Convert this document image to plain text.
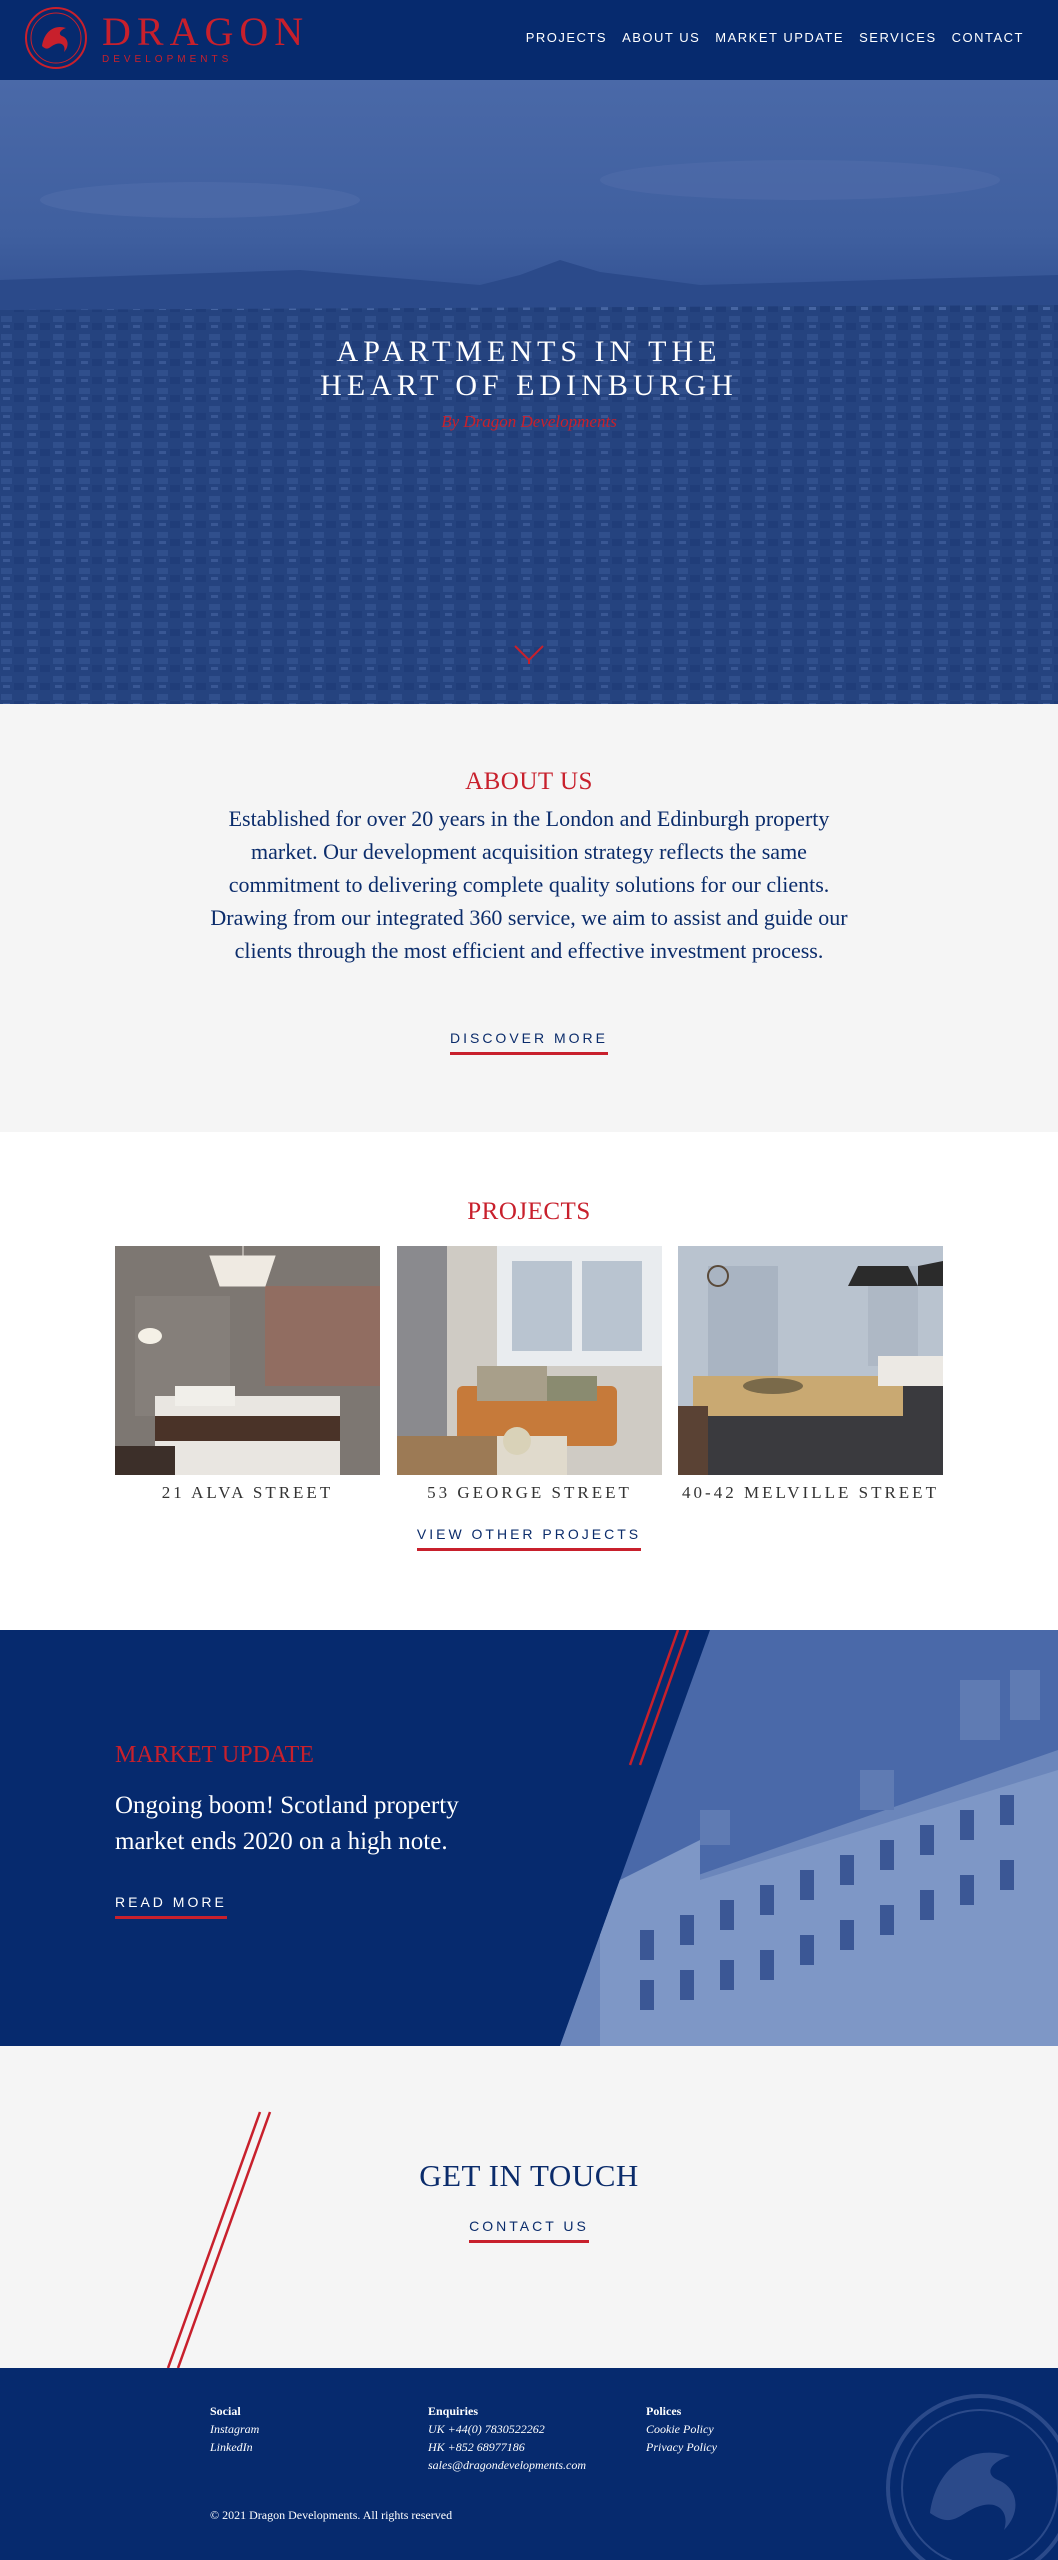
DRAGON
DEVELOPMENTS
PROJECTS ABOUT US MARKET UPDATE SERVICES CONTACT
APARTMENTS IN THE
HEART OF EDINBURGH
By Dragon Developments
ABOUT US
Established for over 20 years in the London and Edinburgh property market. Our development acquisition strategy reflects the same commitment to delivering complete quality solutions for our clients. Drawing from our integrated 360 service, we aim to assist and guide our clients through the most efficient and effective investment process.
DISCOVER MORE
PROJECTS
21 ALVA STREET	53 GEORGE STREET	40-42 MELVILLE STREET
VIEW OTHER PROJECTS
MARKET UPDATE
Ongoing boom! Scotland property market ends 2020 on a high note.
READ MORE
GET IN TOUCH
CONTACT US
Social
Instagram
LinkedIn
Enquiries
UK +44(0) 7830522262
HK +852 68977186
sales@dragondevelopments.com
Polices
Cookie Policy
Privacy Policy
© 2021 Dragon Developments. All rights reserved
